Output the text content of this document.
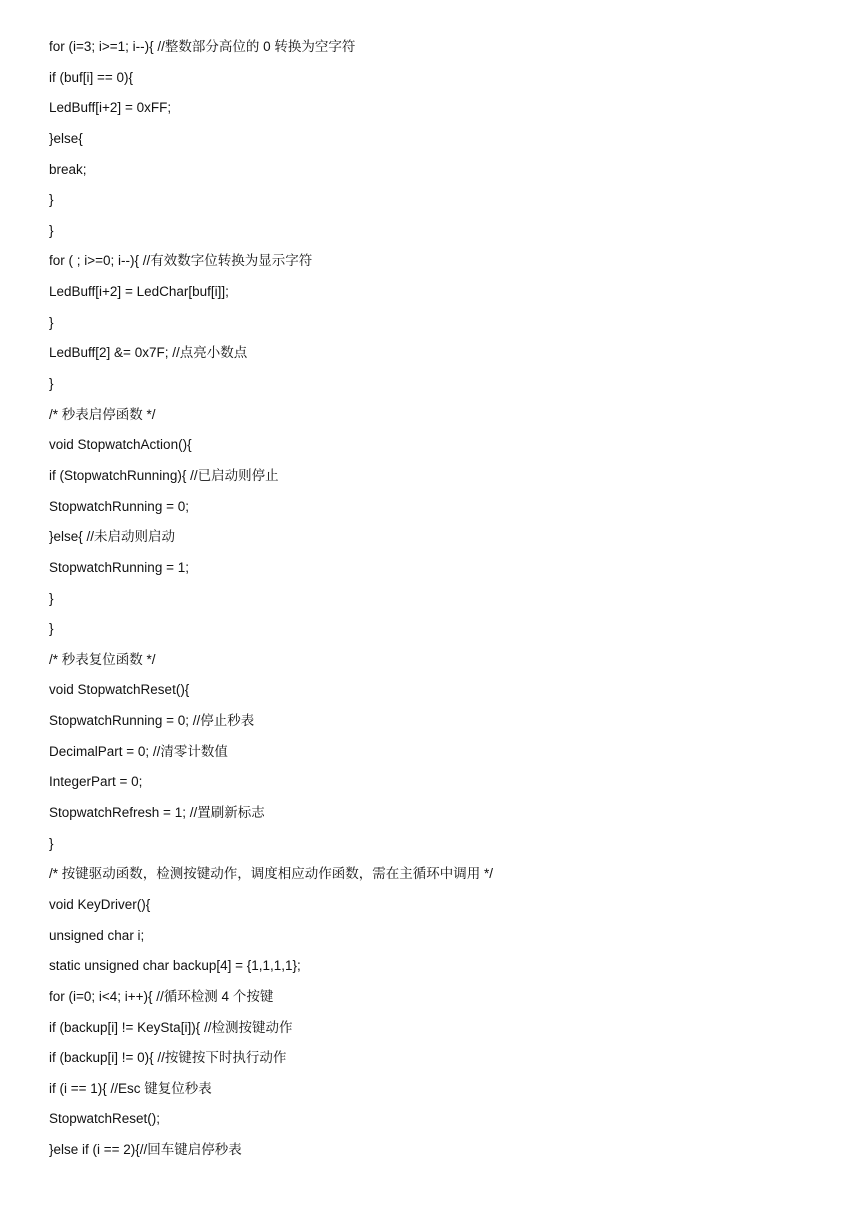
for (i=3; i>=1; i--){ //整数部分高位的 0 转换为空字符
if (buf[i] == 0){
LedBuff[i+2] = 0xFF;
}else{
break;
}
}
for ( ; i>=0; i--){ //有效数字位转换为显示字符
LedBuff[i+2] = LedChar[buf[i]];
}
LedBuff[2] &= 0x7F; //点亮小数点
}
/* 秒表启停函数 */
void StopwatchAction(){
if (StopwatchRunning){ //已启动则停止
StopwatchRunning = 0;
}else{ //未启动则启动
StopwatchRunning = 1;
}
}
/* 秒表复位函数 */
void StopwatchReset(){
StopwatchRunning = 0; //停止秒表
DecimalPart = 0; //清零计数值
IntegerPart = 0;
StopwatchRefresh = 1; //置刷新标志
}
/* 按键驱动函数，检测按键动作，调度相应动作函数，需在主循环中调用 */
void KeyDriver(){
unsigned char i;
static unsigned char backup[4] = {1,1,1,1};
for (i=0; i<4; i++){ //循环检测 4 个按键
if (backup[i] != KeySta[i]){ //检测按键动作
if (backup[i] != 0){ //按键按下时执行动作
if (i == 1){ //Esc 键复位秒表
StopwatchReset();
}else if (i == 2){//回车键启停秒表
